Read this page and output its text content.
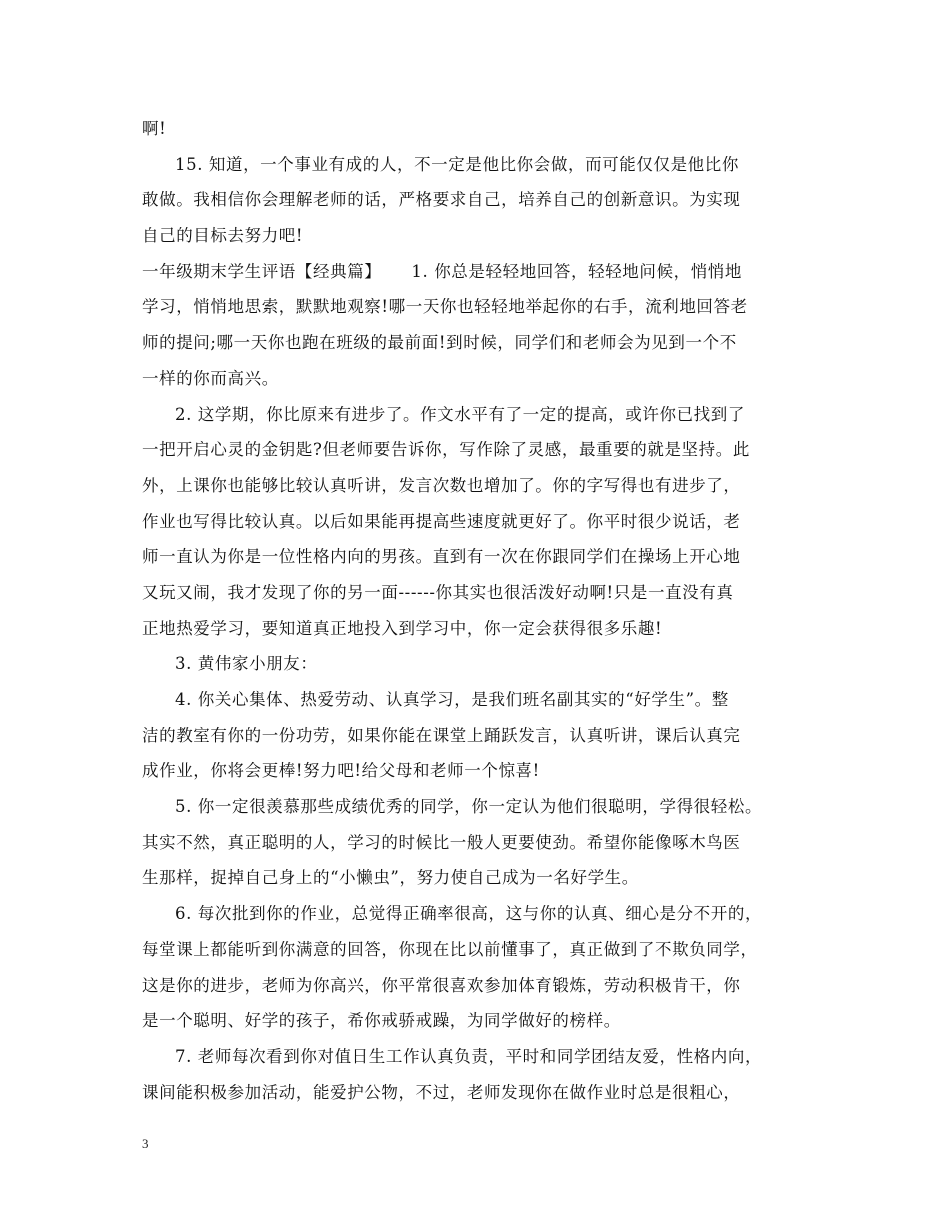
啊!
15. 知道，一个事业有成的人，不一定是他比你会做，而可能仅仅是他比你
敢做。我相信你会理解老师的话，严格要求自己，培养自己的创新意识。为实现
自己的目标去努力吧!
一年级期末学生评语【经典篇】 1. 你总是轻轻地回答，轻轻地问候，悄悄地
学习，悄悄地思索，默默地观察!哪一天你也轻轻地举起你的右手，流利地回答老
师的提问;哪一天你也跑在班级的最前面!到时候，同学们和老师会为见到一个不
一样的你而高兴。
2. 这学期，你比原来有进步了。作文水平有了一定的提高，或许你已找到了
一把开启心灵的金钥匙?但老师要告诉你，写作除了灵感，最重要的就是坚持。此
外，上课你也能够比较认真听讲，发言次数也增加了。你的字写得也有进步了，
作业也写得比较认真。以后如果能再提高些速度就更好了。你平时很少说话，老
师一直认为你是一位性格内向的男孩。直到有一次在你跟同学们在操场上开心地
又玩又闹，我才发现了你的另一面------你其实也很活泼好动啊!只是一直没有真
正地热爱学习，要知道真正地投入到学习中，你一定会获得很多乐趣!
3. 黄伟家小朋友：
4. 你关心集体、热爱劳动、认真学习，是我们班名副其实的“好学生”。整
洁的教室有你的一份功劳，如果你能在课堂上踊跃发言，认真听讲，课后认真完
成作业，你将会更棒!努力吧!给父母和老师一个惊喜!
5. 你一定很羡慕那些成绩优秀的同学，你一定认为他们很聪明，学得很轻松。
其实不然，真正聪明的人，学习的时候比一般人更要使劲。希望你能像啄木鸟医
生那样，捉掉自己身上的“小懒虫”，努力使自己成为一名好学生。
6. 每次批到你的作业，总觉得正确率很高，这与你的认真、细心是分不开的，
每堂课上都能听到你满意的回答，你现在比以前懂事了，真正做到了不欺负同学，
这是你的进步，老师为你高兴，你平常很喜欢参加体育锻炼，劳动积极肯干，你
是一个聪明、好学的孩子，希你戒骄戒躁，为同学做好的榜样。
7. 老师每次看到你对值日生工作认真负责，平时和同学团结友爱，性格内向，
课间能积极参加活动，能爱护公物，不过，老师发现你在做作业时总是很粗心，
3
